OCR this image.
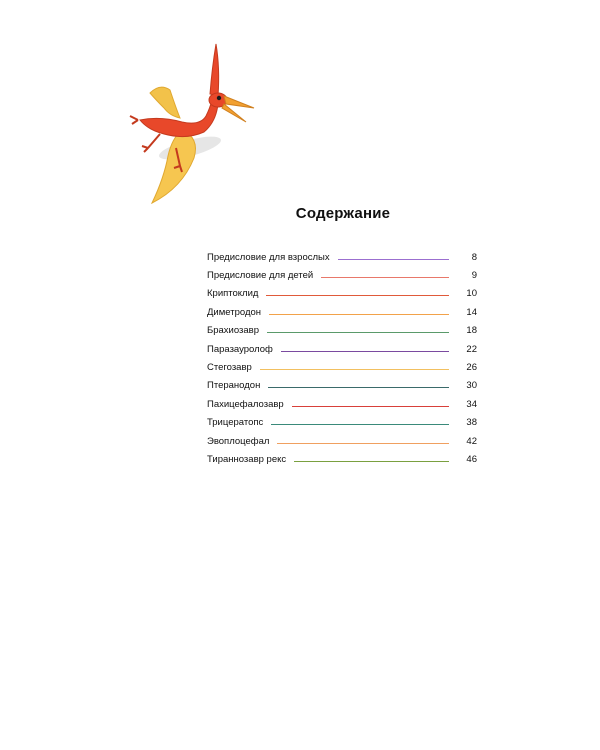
Содержание
Предисловие для взрослых	8
Предисловие для детей	9
Криптоклид	10
Диметродон	14
Брахиозавр	18
Паразауролоф	22
Стегозавр	26
Птеранодон	30
Пахицефалозавр	34
Трицератопс	38
Эвоплоцефал	42
Тираннозавр рекс	46
